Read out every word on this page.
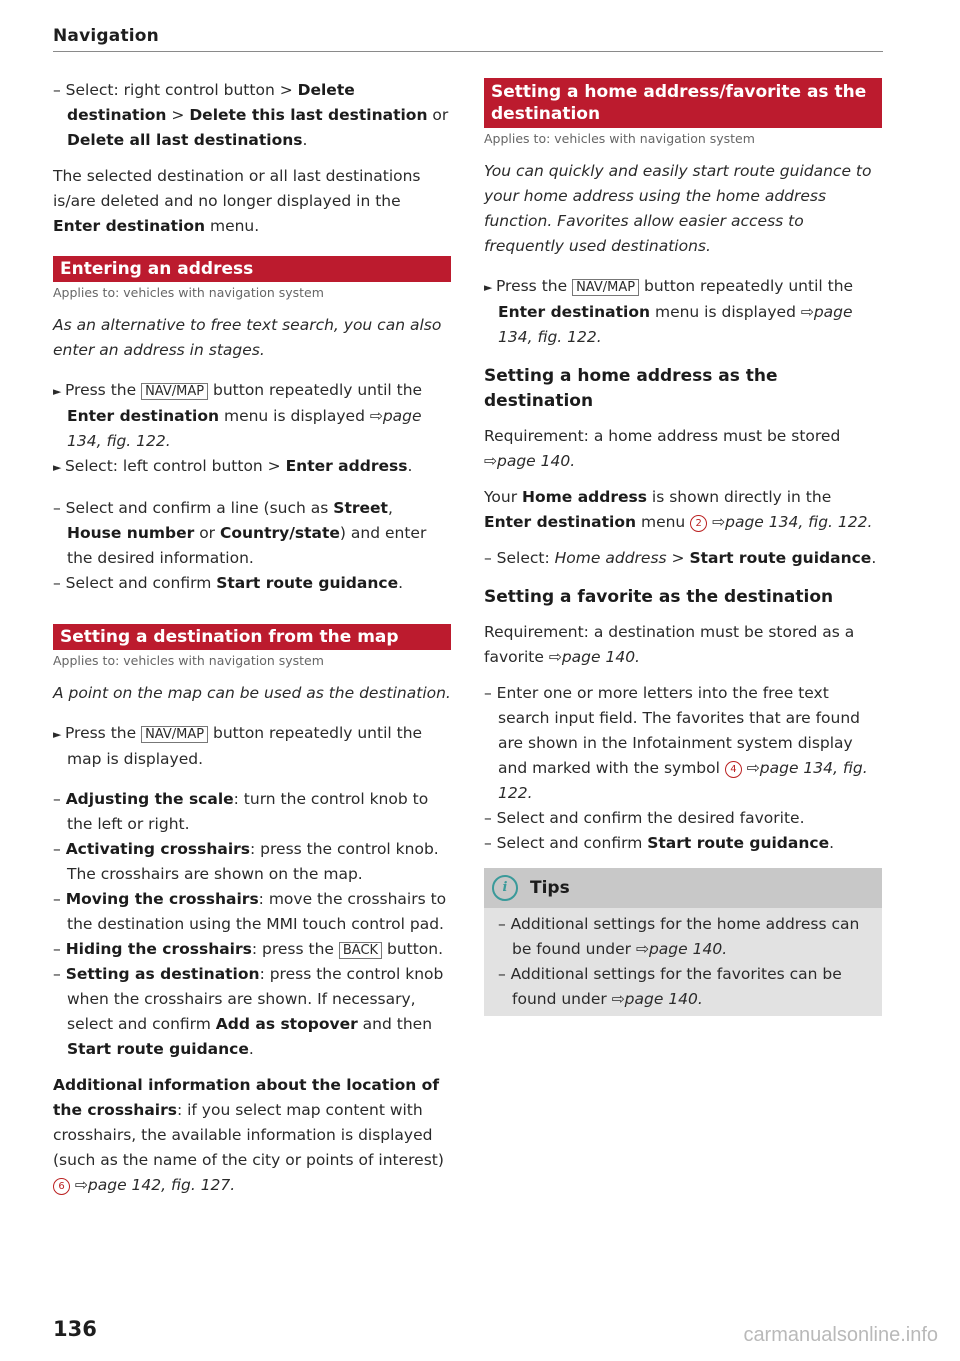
Navigation

– Select: right control button > Delete destination > Delete this last destination or Delete all last destinations.

The selected destination or all last destinations is/are deleted and no longer displayed in the Enter destination menu.

Entering an address
Applies to: vehicles with navigation system

As an alternative to free text search, you can also enter an address in stages.

► Press the NAV/MAP button repeatedly until the Enter destination menu is displayed ⇨page 134, fig. 122.

► Select: left control button > Enter address.

– Select and confirm a line (such as Street, House number or Country/state) and enter the desired information.

– Select and confirm Start route guidance.

Setting a destination from the map
Applies to: vehicles with navigation system

A point on the map can be used as the destination.

► Press the NAV/MAP button repeatedly until the map is displayed.

– Adjusting the scale: turn the control knob to the left or right.

– Activating crosshairs: press the control knob. The crosshairs are shown on the map.

– Moving the crosshairs: move the crosshairs to the destination using the MMI touch control pad.

– Hiding the crosshairs: press the BACK button.

– Setting as destination: press the control knob when the crosshairs are shown. If necessary, select and confirm Add as stopover and then Start route guidance.

Additional information about the location of the crosshairs: if you select map content with crosshairs, the available information is displayed (such as the name of the city or points of interest) 6 ⇨page 142, fig. 127.

Setting a home address/favorite as the destination
Applies to: vehicles with navigation system

You can quickly and easily start route guidance to your home address using the home address function. Favorites allow easier access to frequently used destinations.

► Press the NAV/MAP button repeatedly until the Enter destination menu is displayed ⇨page 134, fig. 122.

Setting a home address as the destination

Requirement: a home address must be stored ⇨page 140.

Your Home address is shown directly in the Enter destination menu 2 ⇨page 134, fig. 122.

– Select: Home address > Start route guidance.

Setting a favorite as the destination

Requirement: a destination must be stored as a favorite ⇨page 140.

– Enter one or more letters into the free text search input field. The favorites that are found are shown in the Infotainment system display and marked with the symbol 4 ⇨page 134, fig. 122.

– Select and confirm the desired favorite.

– Select and confirm Start route guidance.

i	Tips

– Additional settings for the home address can be found under ⇨page 140.

– Additional settings for the favorites can be found under ⇨page 140.

136	carmanualsonline.info
